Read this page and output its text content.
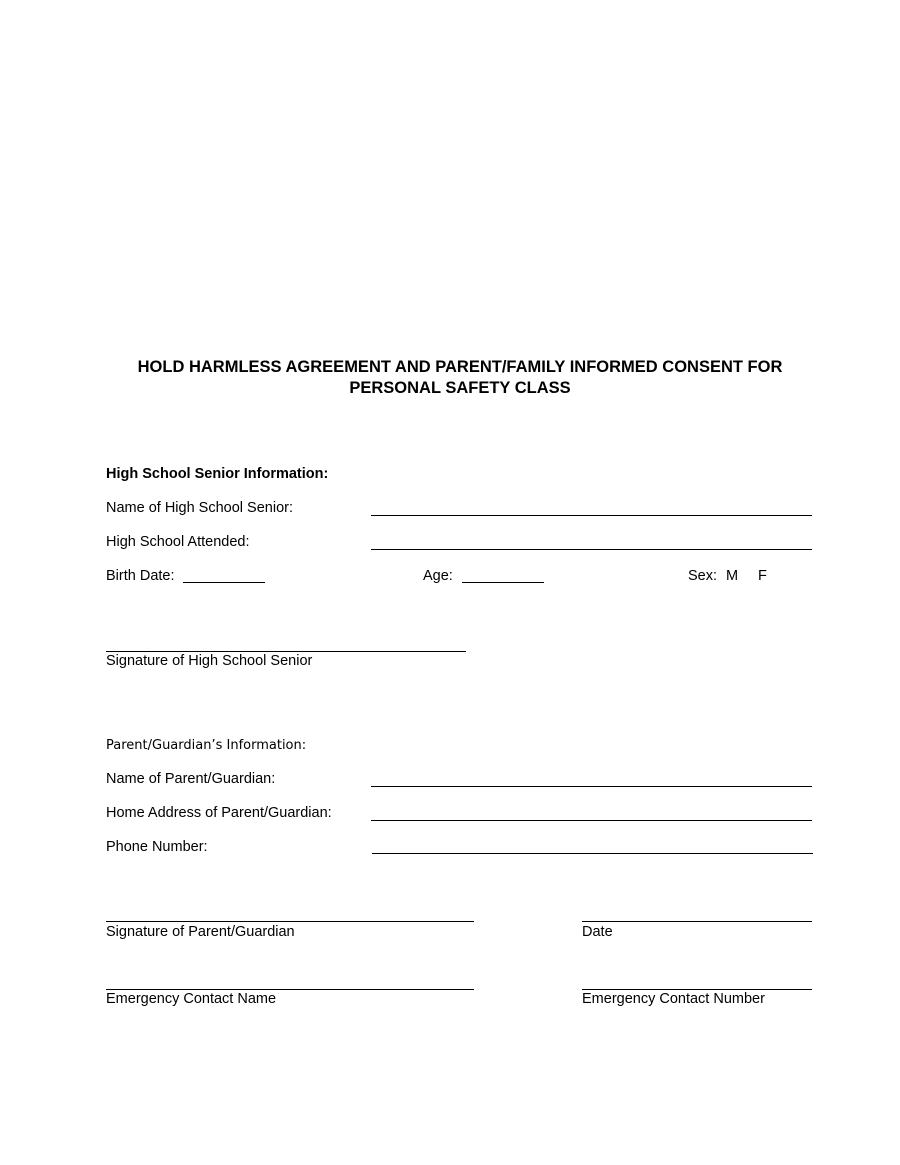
HOLD HARMLESS AGREEMENT AND PARENT/FAMILY INFORMED CONSENT FOR
PERSONAL SAFETY CLASS
High School Senior Information:
Name of High School Senior:
High School Attended:
Birth Date:	Age:	Sex: M F
Signature of High School Senior
Parent/Guardian’s Information:
Name of Parent/Guardian:
Home Address of Parent/Guardian:
Phone Number:
Signature of Parent/Guardian	Date
Emergency Contact Name	Emergency Contact Number
